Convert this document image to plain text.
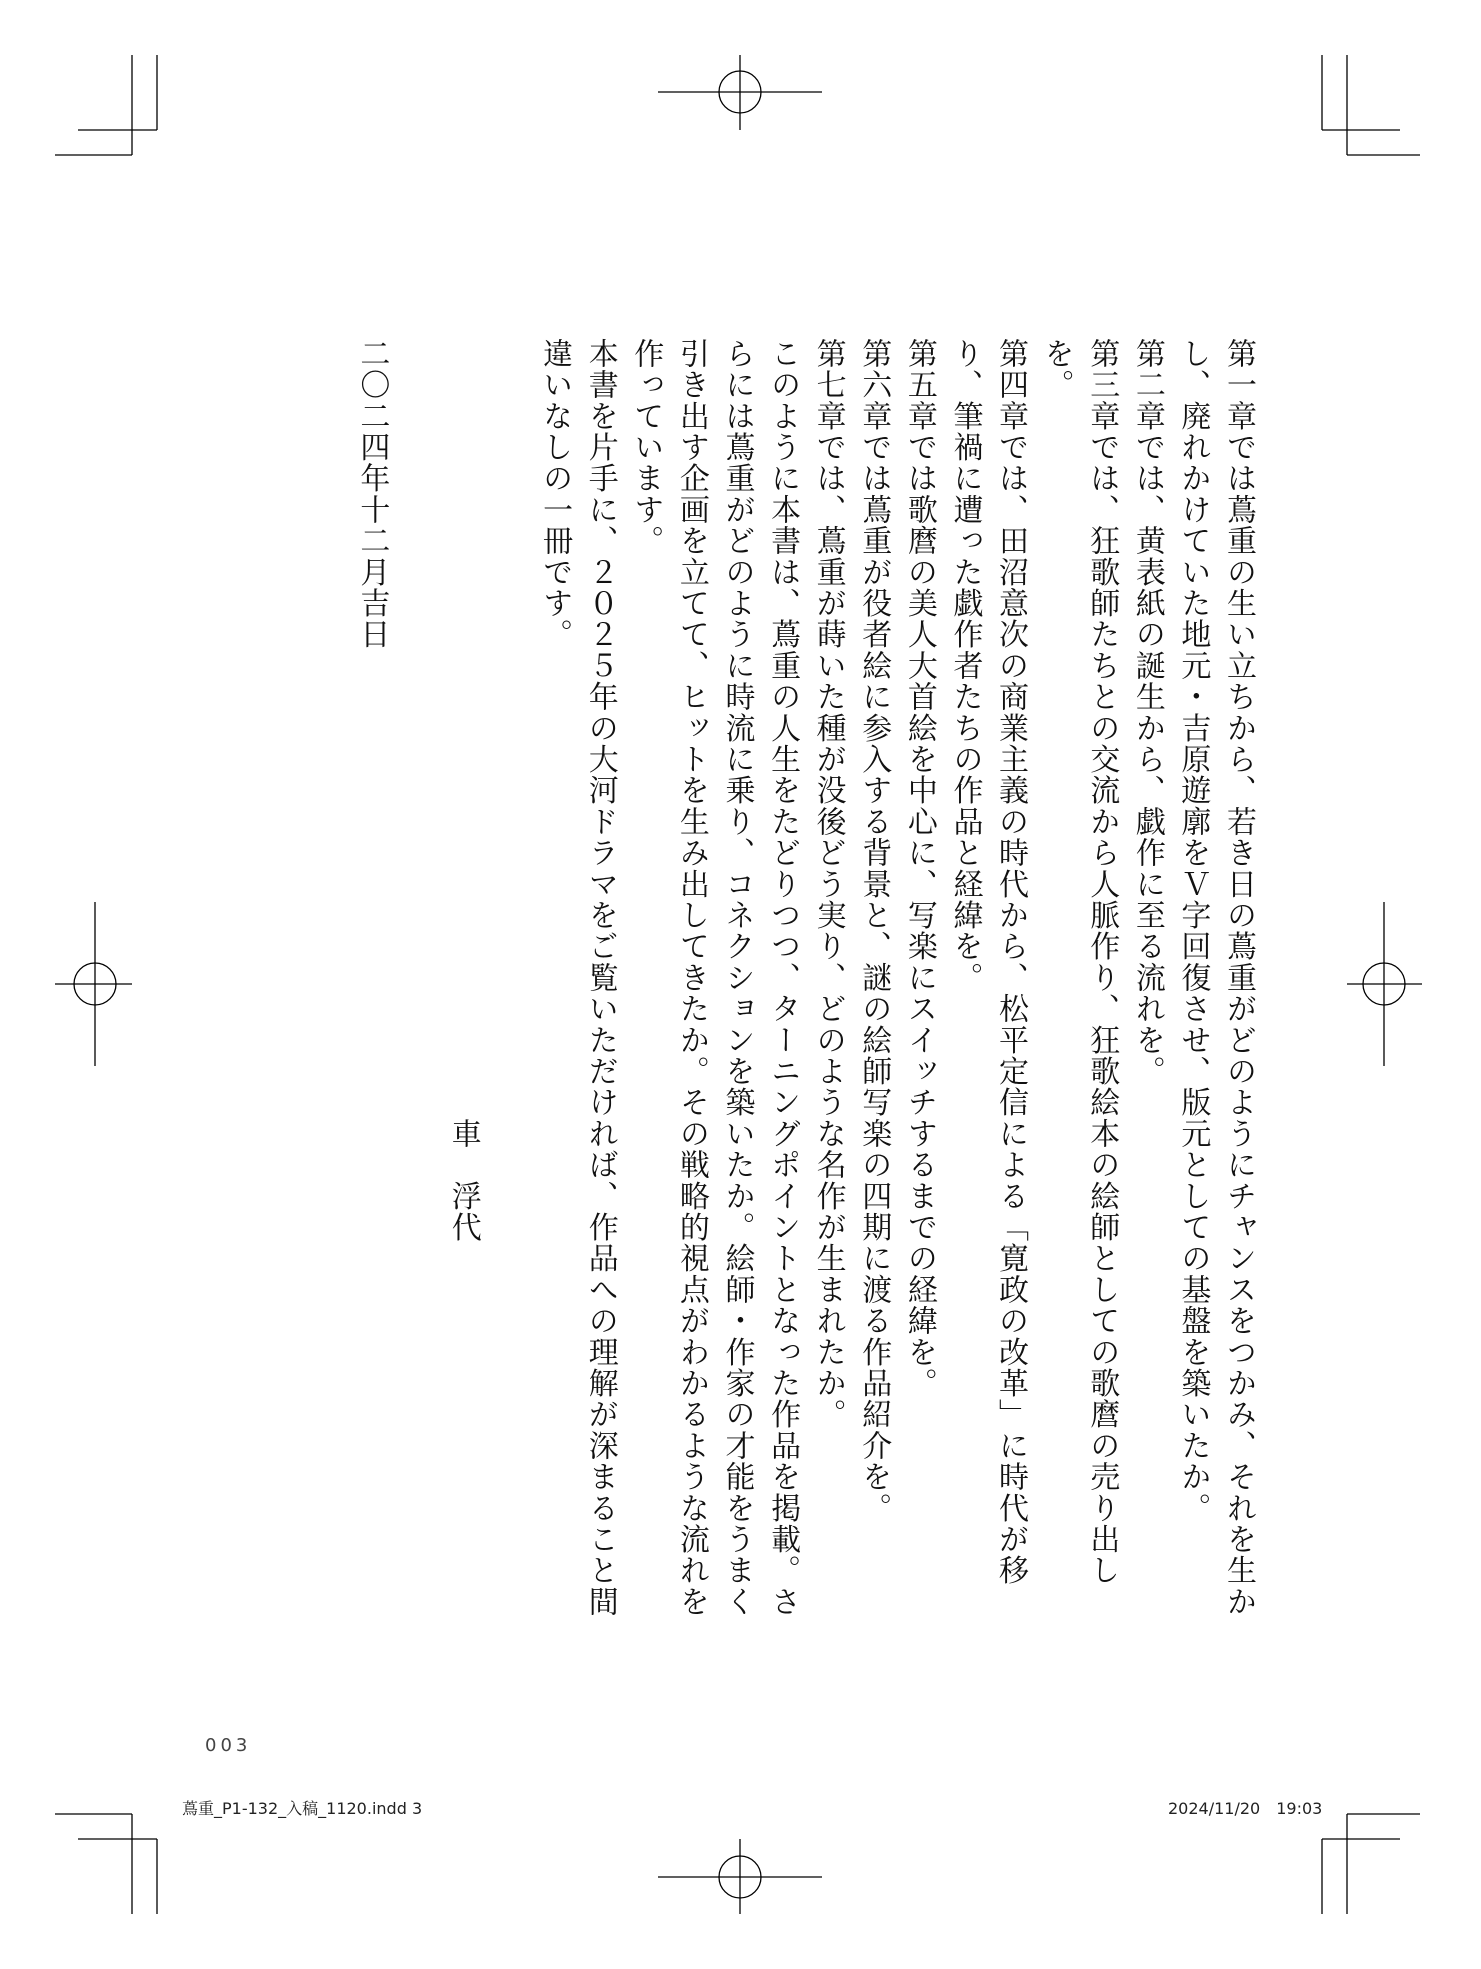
第一章では蔦重の生い立ちから、若き日の蔦重がどのようにチャンスをつかみ、それを生かし、廃れかけていた地元・吉原遊廓をＶ字回復させ、版元としての基盤を築いたか。

第二章では、黄表紙の誕生から、戯作に至る流れを。

第三章では、狂歌師たちとの交流から人脈作り、狂歌絵本の絵師としての歌麿の売り出しを。

第四章では、田沼意次の商業主義の時代から、松平定信による「寛政の改革」に時代が移り、筆禍に遭った戯作者たちの作品と経緯を。

第五章では歌麿の美人大首絵を中心に、写楽にスイッチするまでの経緯を。

第六章では蔦重が役者絵に参入する背景と、謎の絵師写楽の四期に渡る作品紹介を。

第七章では、蔦重が蒔いた種が没後どう実り、どのような名作が生まれたか。

このように本書は、蔦重の人生をたどりつつ、ターニングポイントとなった作品を掲載。さらには蔦重がどのように時流に乗り、コネクションを築いたか。絵師・作家の才能をうまく引き出す企画を立てて、ヒットを生み出してきたか。その戦略的視点がわかるような流れを作っています。

本書を片手に、２０２５年の大河ドラマをご覧いただければ、作品への理解が深まること間違いなしの一冊です。

車　浮代

二〇二四年十二月吉日

003
蔦重_P1-132_入稿_1120.indd 3	2024/11/20　19:03
